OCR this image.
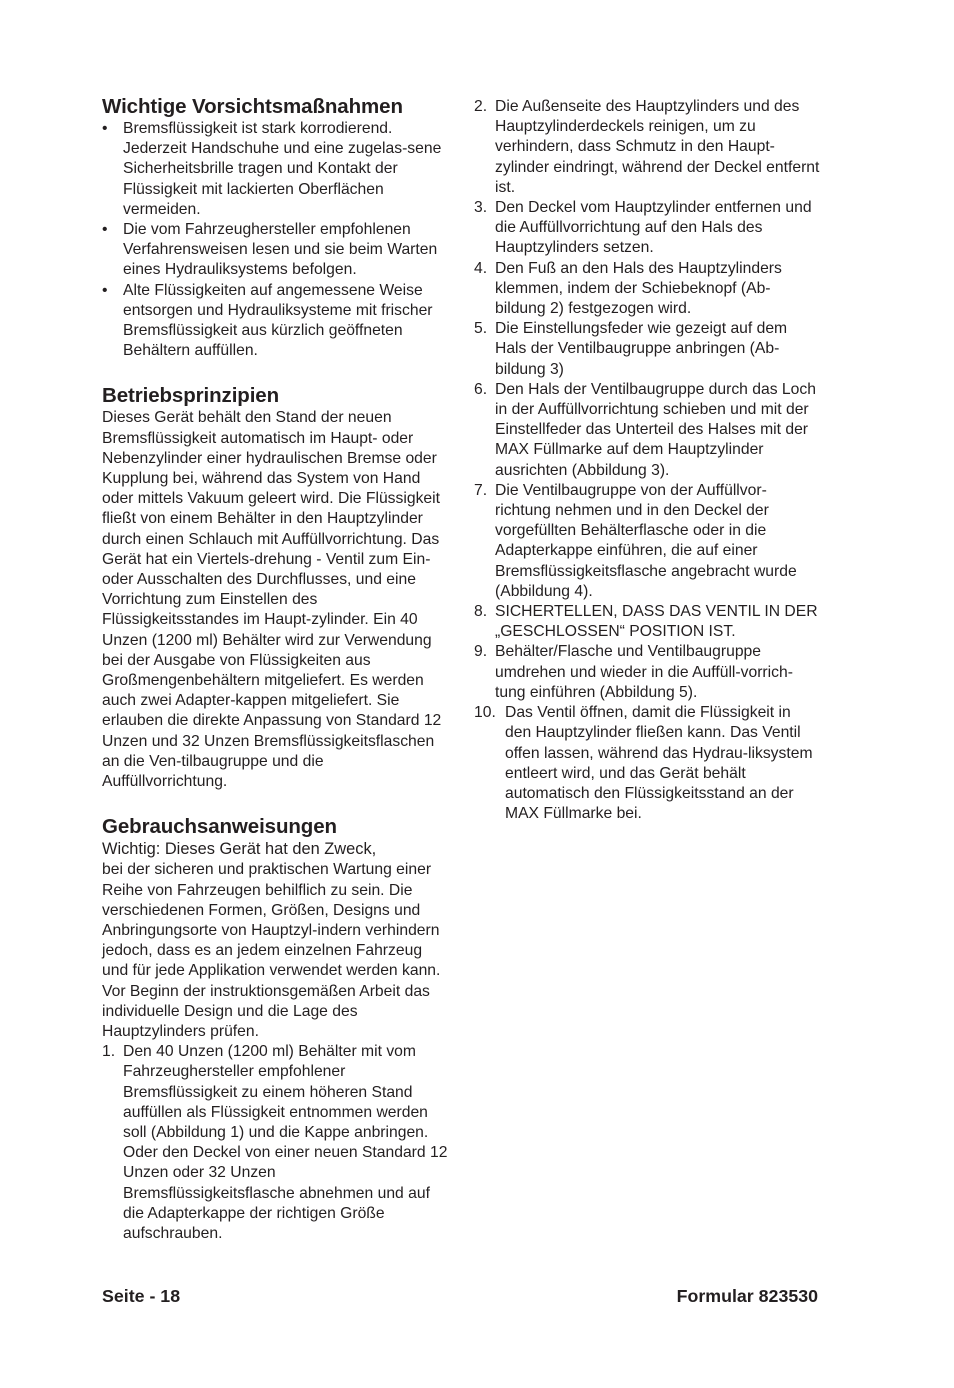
Wichtige Vorsichtsmaßnahmen
• Bremsflüssigkeit ist stark korrodierend. Jederzeit Handschuhe und eine zugelas-sene Sicherheitsbrille tragen und Kontakt der Flüssigkeit mit lackierten Oberflächen vermeiden.
• Die vom Fahrzeughersteller empfohlenen Verfahrensweisen lesen und sie beim Warten eines Hydrauliksystems befolgen.
• Alte Flüssigkeiten auf angemessene Weise entsorgen und Hydrauliksysteme mit frischer Bremsflüssigkeit aus kürzlich geöffneten Behältern auffüllen.
Betriebsprinzipien

Dieses Gerät behält den Stand der neuen Bremsflüssigkeit automatisch im Haupt- oder Nebenzylinder einer hydraulischen Bremse oder Kupplung bei, während das System von Hand oder mittels Vakuum geleert wird. Die Flüssigkeit fließt von einem Behälter in den Hauptzylinder durch einen Schlauch mit Auffüllvorrichtung. Das Gerät hat ein Viertels-drehung - Ventil zum Ein- oder Ausschalten des Durchflusses, und eine Vorrichtung zum Einstellen des Flüssigkeitsstandes im Haupt-zylinder. Ein 40 Unzen (1200 ml) Behälter wird zur Verwendung bei der Ausgabe von Flüssigkeiten aus Großmengenbehältern mitgeliefert. Es werden auch zwei Adapter-kappen mitgeliefert. Sie erlauben die direkte Anpassung von Standard 12 Unzen und 32 Unzen Bremsflüssigkeitsflaschen an die Ven-tilbaugruppe und die Auffüllvorrichtung.

Gebrauchsanweisungen

Wichtig: Dieses Gerät hat den Zweck,

bei der sicheren und praktischen Wartung einer Reihe von Fahrzeugen behilflich zu sein. Die verschiedenen Formen, Größen, Designs und Anbringungsorte von Hauptzyl-indern verhindern jedoch, dass es an jedem einzelnen Fahrzeug und für jede Applikation verwendet werden kann. Vor Beginn der instruktionsgemäßen Arbeit das individuelle Design und die Lage des Hauptzylinders prüfen.

1. Den 40 Unzen (1200 ml) Behälter mit vom Fahrzeughersteller empfohlener Bremsflüssigkeit zu einem höheren Stand auffüllen als Flüssigkeit entnommen werden soll (Abbildung 1) und die Kappe anbringen. Oder den Deckel von einer neuen Standard 12 Unzen oder 32 Unzen Bremsflüssigkeitsflasche abnehmen und auf die Adapterkappe der richtigen Größe aufschrauben.
2. Die Außenseite des Hauptzylinders und des Hauptzylinderdeckels reinigen, um zu verhindern, dass Schmutz in den Haupt-zylinder eindringt, während der Deckel entfernt ist.
3. Den Deckel vom Hauptzylinder entfernen und die Auffüllvorrichtung auf den Hals des Hauptzylinders setzen.
4. Den Fuß an den Hals des Hauptzylinders klemmen, indem der Schiebeknopf (Ab-bildung 2) festgezogen wird.
5. Die Einstellungsfeder wie gezeigt auf dem Hals der Ventilbaugruppe anbringen (Ab-bildung 3)
6. Den Hals der Ventilbaugruppe durch das Loch in der Auffüllvorrichtung schieben und mit der Einstellfeder das Unterteil des Halses mit der MAX Füllmarke auf dem Hauptzylinder ausrichten (Abbildung 3).
7. Die Ventilbaugruppe von der Auffüllvor-richtung nehmen und in den Deckel der vorgefüllten Behälterflasche oder in die Adapterkappe einführen, die auf einer Bremsflüssigkeitsflasche angebracht wurde (Abbildung 4).
8. SICHERTELLEN, DASS DAS VENTIL IN DER „GESCHLOSSEN“ POSITION IST.
9. Behälter/Flasche und Ventilbaugruppe umdrehen und wieder in die Auffüll-vorrich-tung einführen (Abbildung 5).
10. Das Ventil öffnen, damit die Flüssigkeit in den Hauptzylinder fließen kann. Das Ventil offen lassen, während das Hydrau-liksystem entleert wird, und das Gerät behält automatisch den Flüssigkeitsstand an der MAX Füllmarke bei.
Seite - 18	Formular 823530
